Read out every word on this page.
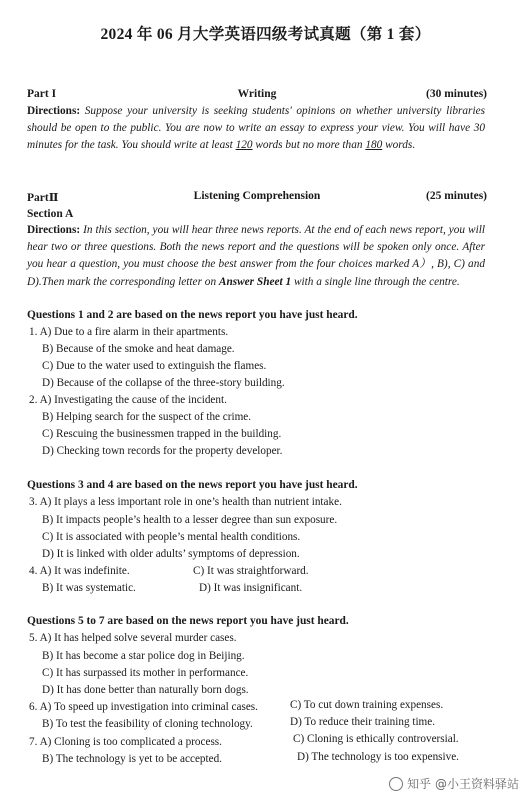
2024 年 06 月大学英语四级考试真题（第 1 套）
Part I	Writing	(30 minutes)
Directions: Suppose your university is seeking students' opinions on whether university libraries should be open to the public. You are now to write an essay to express your view. You will have 30 minutes for the task. You should write at least 120 words but no more than 180 words.
PartⅡ	Listening Comprehension	(25 minutes)
Section A
Directions: In this section, you will hear three news reports. At the end of each news report, you will hear two or three questions. Both the news report and the questions will be spoken only once. After you hear a question, you must choose the best answer from the four choices marked A）, B), C) and D).Then mark the corresponding letter on Answer Sheet 1 with a single line through the centre.
Questions 1 and 2 are based on the news report you have just heard.
1. A) Due to a fire alarm in their apartments.
B) Because of the smoke and heat damage.
C) Due to the water used to extinguish the flames.
D) Because of the collapse of the three-story building.
2. A) Investigating the cause of the incident.
B) Helping search for the suspect of the crime.
C) Rescuing the businessmen trapped in the building.
D) Checking town records for the property developer.
Questions 3 and 4 are based on the news report you have just heard.
3. A) It plays a less important role in one’s health than nutrient intake.
B) It impacts people’s health to a lesser degree than sun exposure.
C) It is associated with people’s mental health conditions.
D) It is linked with older adults’ symptoms of depression.
4. A) It was indefinite.	C) It was straightforward.
B) It was systematic.	D) It was insignificant.
Questions 5 to 7 are based on the news report you have just heard.
5. A) It has helped solve several murder cases.
B) It has become a star police dog in Beijing.
C) It has surpassed its mother in performance.
D) It has done better than naturally born dogs.
6. A) To speed up investigation into criminal cases.	C) To cut down training expenses.
B) To test the feasibility of cloning technology.	D) To reduce their training time.
7. A) Cloning is too complicated a process.	C) Cloning is ethically controversial.
B) The technology is yet to be accepted.	D) The technology is too expensive.
知乎 @小王资料驿站
